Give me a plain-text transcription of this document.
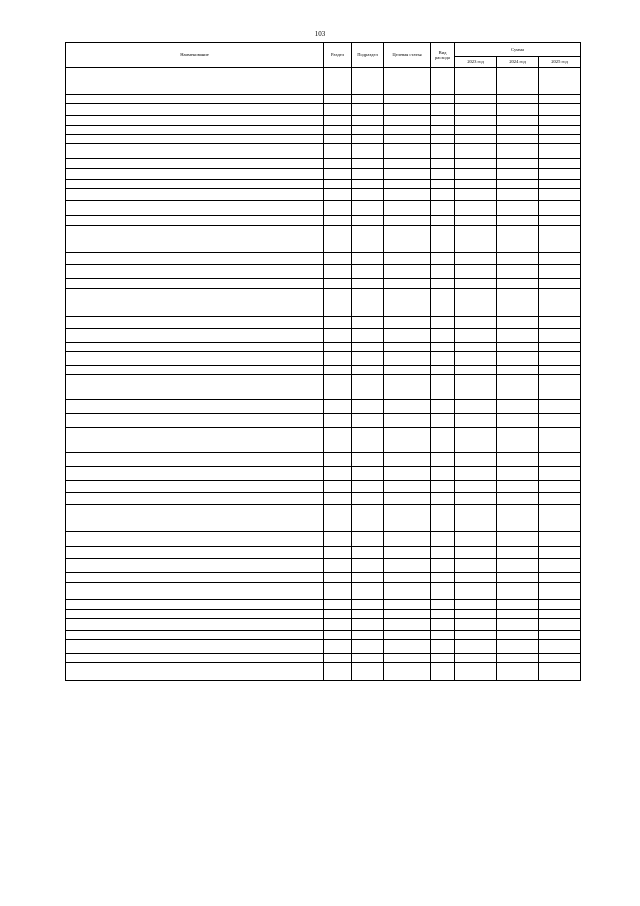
103
Наименование	Раздел	Подраздел	Целевая статья	Вид расхода	Сумма		
					2023 год	2024 год	2025 год
